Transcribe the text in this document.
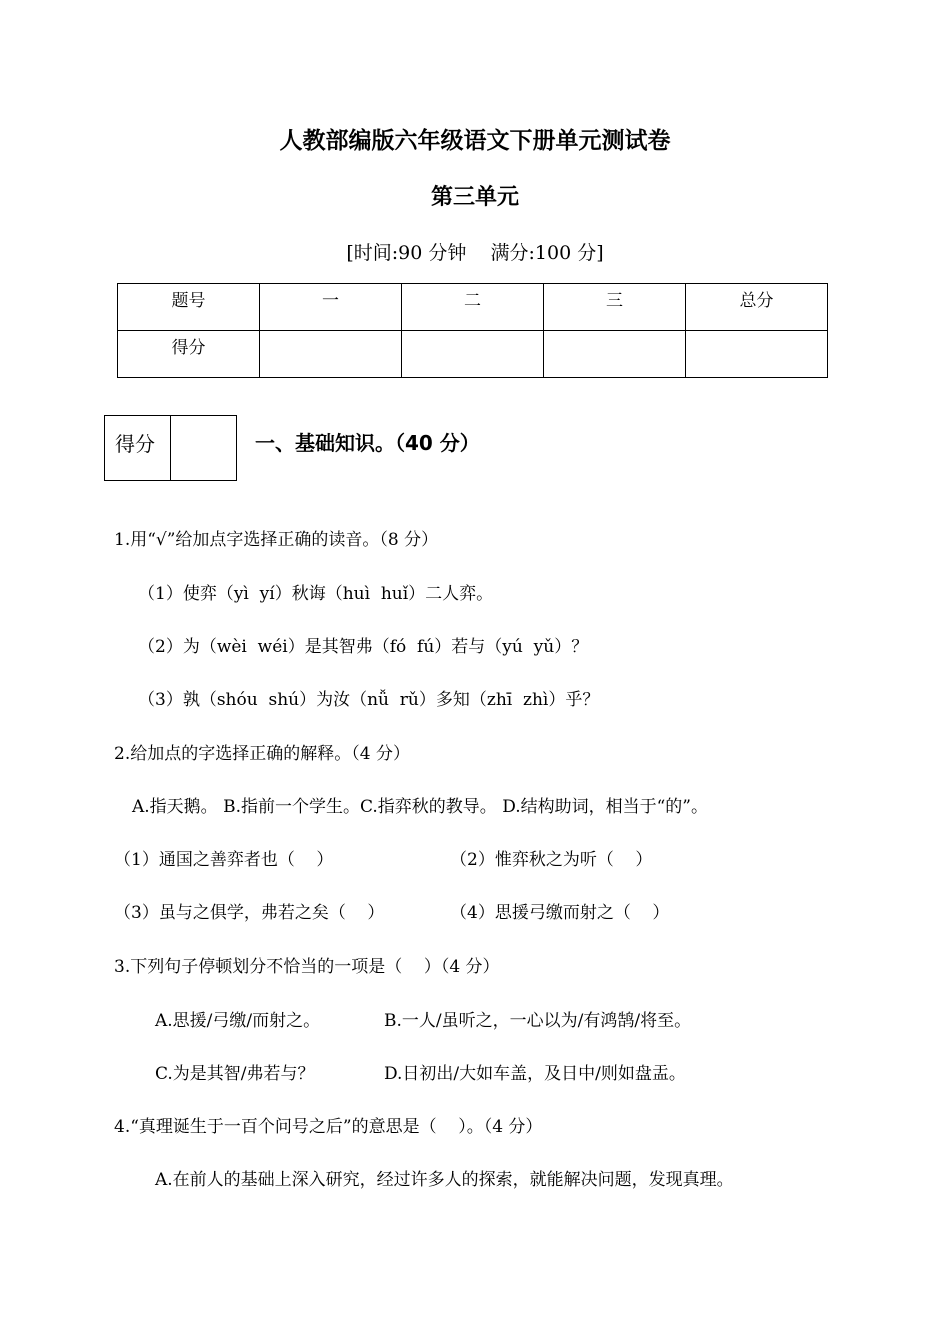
人教部编版六年级语文下册单元测试卷
第三单元
[时间:90 分钟    满分:100 分]
题号	一	二	三	总分
得分				
得分	一、基础知识。（40 分）
1.用“√”给加点字选择正确的读音。（8 分）
（1）使弈（yì  yí）秋诲（huì  huǐ）二人弈。
（2）为（wèi  wéi）是其智弗（fó  fú）若与（yú  yǔ）？
（3）孰（shóu  shú）为汝（nǚ  rǔ）多知（zhī  zhì）乎？
2.给加点的字选择正确的解释。（4 分）
A.指天鹅。 B.指前一个学生。C.指弈秋的教导。 D.结构助词，相当于“的”。
（1）通国之善弈者也（    ）	（2）惟弈秋之为听（    ）
（3）虽与之俱学，弗若之矣（    ）	（4）思援弓缴而射之（    ）
3.下列句子停顿划分不恰当的一项是（    ）（4 分）
A.思援/弓缴/而射之。	B.一人/虽听之，一心以为/有鸿鹄/将至。
C.为是其智/弗若与？	D.日初出/大如车盖，及日中/则如盘盂。
4.“真理诞生于一百个问号之后”的意思是（    ）。（4 分）
A.在前人的基础上深入研究，经过许多人的探索，就能解决问题，发现真理。
